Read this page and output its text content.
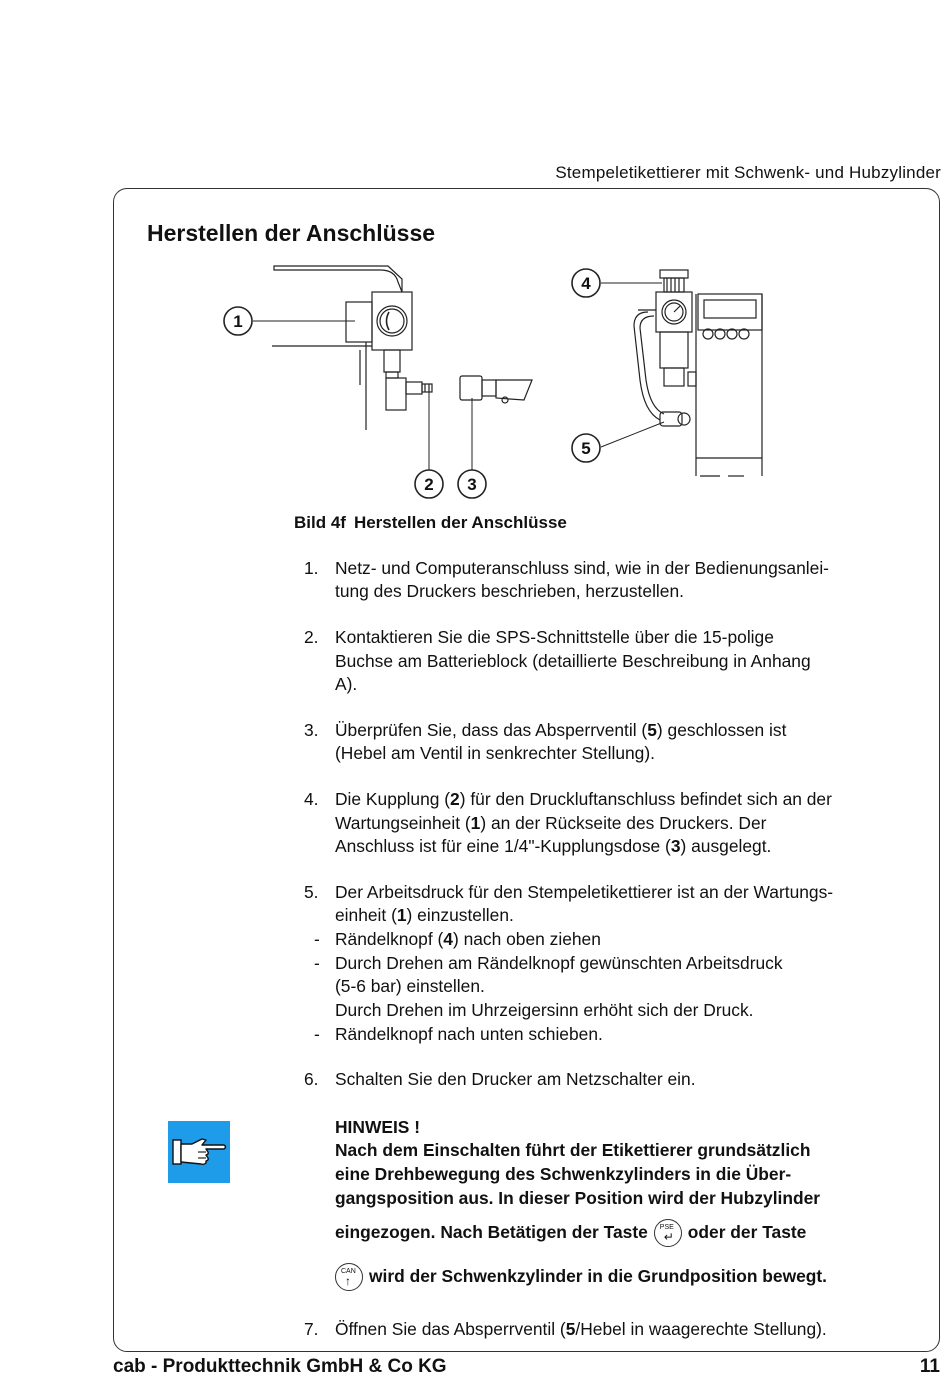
Stempeletikettierer mit Schwenk- und Hubzylinder
Herstellen der Anschlüsse
1
2 3
4
5
Bild 4f Herstellen der Anschlüsse
1. Netz- und Computeranschluss sind, wie in der Bedienungsanlei-
tung des Druckers beschrieben, herzustellen.
2. Kontaktieren Sie die SPS-Schnittstelle über die 15-polige
Buchse am Batterieblock (detaillierte Beschreibung in Anhang
A).
3. Überprüfen Sie, dass das Absperrventil (5) geschlossen ist
(Hebel am Ventil in senkrechter Stellung).
4. Die Kupplung (2) für den Druckluftanschluss befindet sich an der
Wartungseinheit (1) an der Rückseite des Druckers. Der
Anschluss ist für eine 1/4"-Kupplungsdose (3) ausgelegt.
5. Der Arbeitsdruck für den Stempeletikettierer ist an der Wartungs-
einheit (1) einzustellen.
- Rändelknopf (4) nach oben ziehen
- Durch Drehen am Rändelknopf gewünschten Arbeitsdruck
(5-6 bar) einstellen.
Durch Drehen im Uhrzeigersinn erhöht sich der Druck.
- Rändelknopf nach unten schieben.
6. Schalten Sie den Drucker am Netzschalter ein.
HINWEIS !
Nach dem Einschalten führt der Etikettierer grundsätzlich
eine Drehbewegung des Schwenkzylinders in die Über-
gangsposition aus. In dieser Position wird der Hubzylinder
eingezogen. Nach Betätigen der Taste PSE
↵ oder der Taste
CAN
↑ wird der Schwenkzylinder in die Grundposition bewegt.
7. Öffnen Sie das Absperrventil (5/Hebel in waagerechte Stellung).
cab - Produkttechnik GmbH & Co KG	11
